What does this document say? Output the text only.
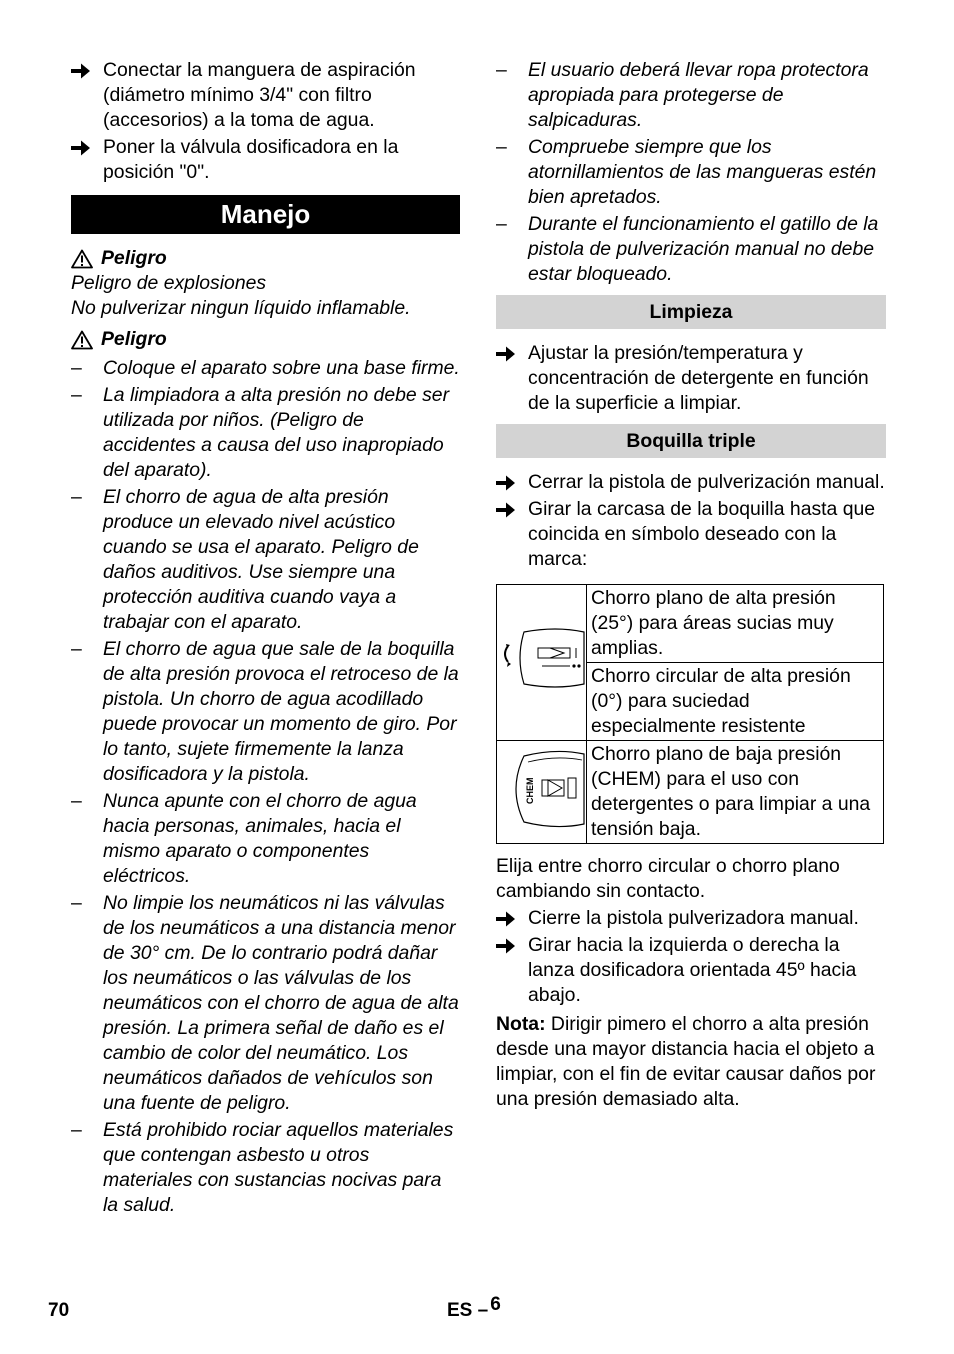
Conectar la manguera de aspiración (diámetro mínimo 3/4" con filtro (accesorios) a la toma de agua.
Poner la válvula dosificadora en la posición "0".
Manejo
Peligro
Peligro de explosiones
No pulverizar ningun líquido inflamable.
Peligro
–	Coloque el aparato sobre una base firme.
–	La limpiadora a alta presión no debe ser utilizada por niños. (Peligro de accidentes a causa del uso inapropiado del aparato).
–	El chorro de agua de alta presión produce un elevado nivel acústico cuando se usa el aparato. Peligro de daños auditivos. Use siempre una protección auditiva cuando vaya a trabajar con el aparato.
–	El chorro de agua que sale de la boquilla de alta presión provoca el retroceso de la pistola. Un chorro de agua acodillado puede provocar un momento de giro. Por lo tanto, sujete firmemente la lanza dosificadora y la pistola.
–	Nunca apunte con el chorro de agua hacia personas, animales, hacia el mismo aparato o componentes eléctricos.
–	No limpie los neumáticos ni las válvulas de los neumáticos a una distancia menor de 30° cm. De lo contrario podrá dañar los neumáticos o las válvulas de los neumáticos con el chorro de agua de alta presión. La primera señal de daño es el cambio de color del neumático. Los neumáticos dañados de vehículos son una fuente de peligro.
–	Está prohibido rociar aquellos materiales que contengan asbesto u otros materiales con sustancias nocivas para la salud.
–	El usuario deberá llevar ropa protectora apropiada para protegerse de salpicaduras.
–	Compruebe siempre que los atornillamientos de las mangueras estén bien apretados.
–	Durante el funcionamiento el gatillo de la pistola de pulverización manual no debe estar bloqueado.
Limpieza
Ajustar la presión/temperatura y concentración de detergente en función de la superficie a limpiar.
Boquilla triple
Cerrar la pistola de pulverización manual.
Girar la carcasa de la boquilla hasta que coincida en símbolo deseado con la marca:
	Chorro plano de alta presión (25°) para áreas sucias muy amplias.
	Chorro circular de alta presión (0°) para suciedad especialmente resistente

CHEM	Chorro plano de baja presión (CHEM) para el uso con detergentes o para limpiar a una tensión baja.
Elija entre chorro circular o chorro plano cambiando sin contacto.
Cierre la pistola pulverizadora manual.
Girar hacia la izquierda o derecha la lanza dosificadora orientada 45º hacia abajo.
Nota: Dirigir pimero el chorro a alta presión desde una mayor distancia hacia el objeto a limpiar, con el fin de evitar causar daños por una presión demasiado alta.
70	ES – 6
